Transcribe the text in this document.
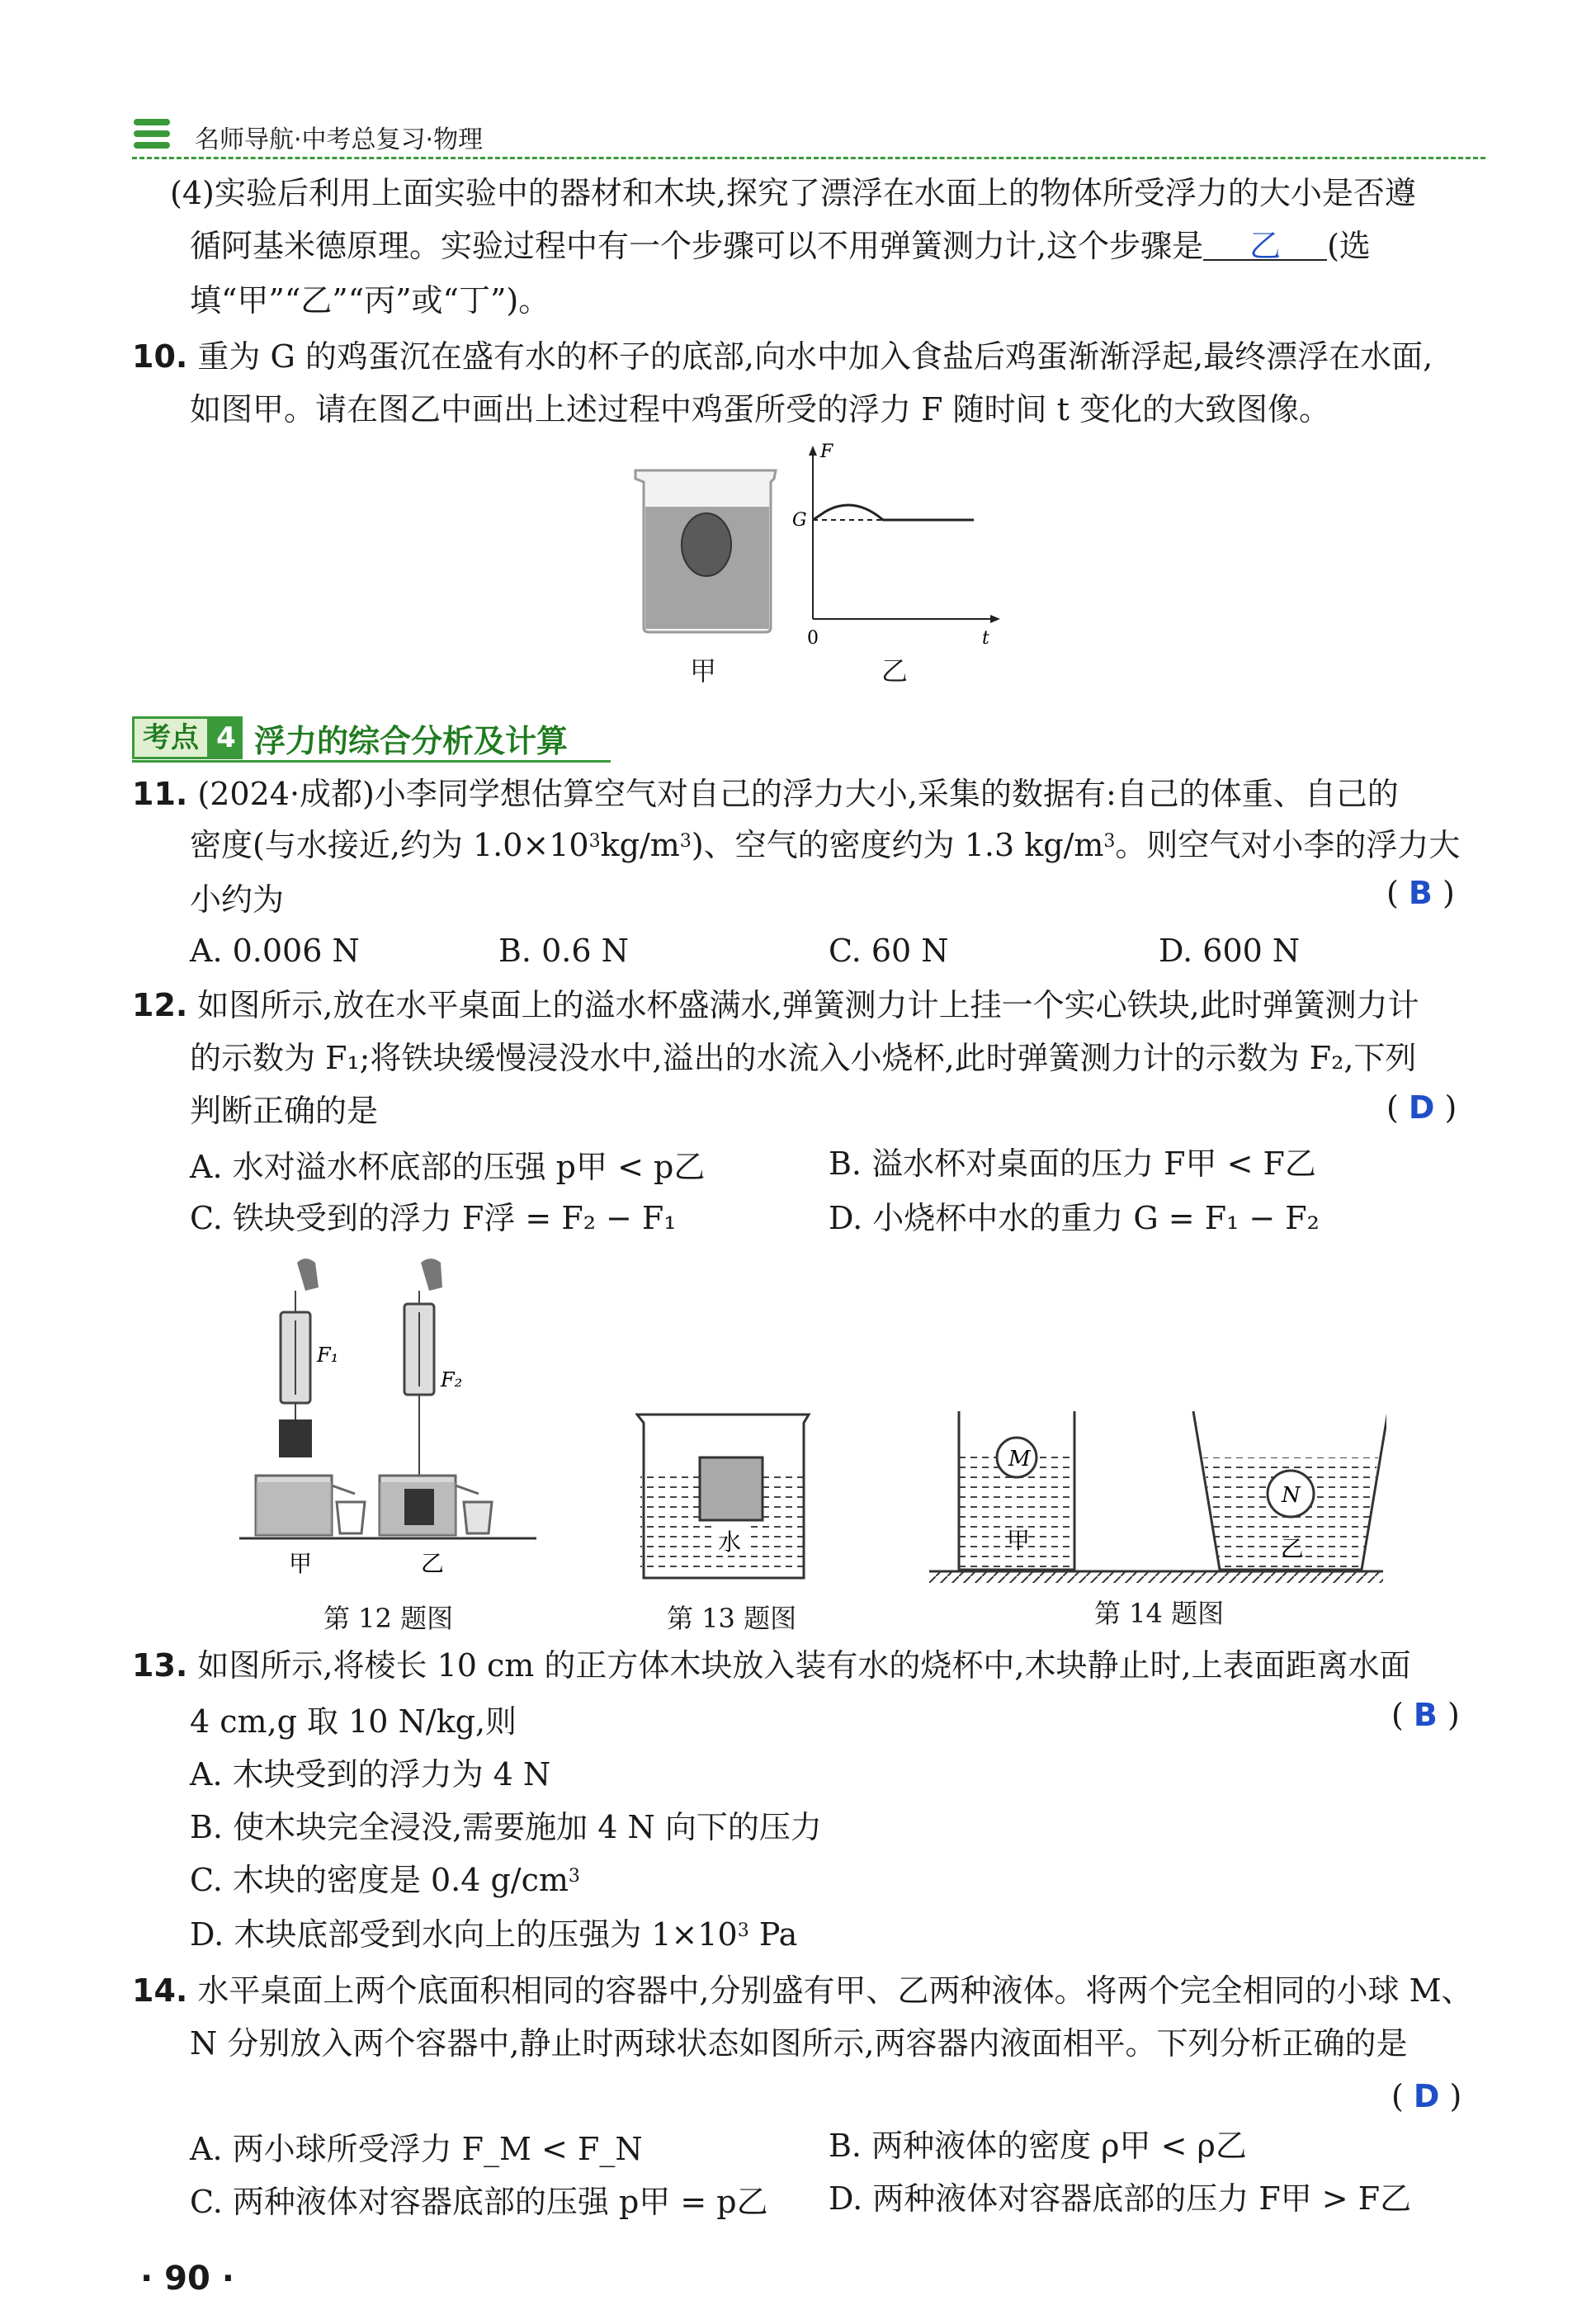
名师导航·中考总复习·物理
(4)实验后利用上面实验中的器材和木块,探究了漂浮在水面上的物体所受浮力的大小是否遵
循阿基米德原理。实验过程中有一个步骤可以不用弹簧测力计,这个步骤是 乙 (选
填“甲”“乙”“丙”或“丁”)。
10. 重为 G 的鸡蛋沉在盛有水的杯子的底部,向水中加入食盐后鸡蛋渐渐浮起,最终漂浮在水面,
如图甲。请在图乙中画出上述过程中鸡蛋所受的浮力 F 随时间 t 变化的大致图像。
F
G
0	t
甲	乙
考点 4 浮力的综合分析及计算
11. (2024·成都)小李同学想估算空气对自己的浮力大小,采集的数据有:自己的体重、自己的
密度(与水接近,约为 $1.0\times 10^3kg/m^3$)、空气的密度约为 1.3 $kg/m^3$。则空气对小李的浮力大
小约为	( B )
A. 0.006 N	B. 0.6 N	C. 60 N	D. 600 N
12. 如图所示,放在水平桌面上的溢水杯盛满水,弹簧测力计上挂一个实心铁块,此时弹簧测力计
的示数为 F₁;将铁块缓慢浸没水中,溢出的水流入小烧杯,此时弹簧测力计的示数为 F₂,下列
判断正确的是	( D )
A. 水对溢水杯底部的压强 p甲 < p乙	B. 溢水杯对桌面的压力 F甲 < F乙
C. 铁块受到的浮力 F浮 = F₂ − F₁	D. 小烧杯中水的重力 G = F₁ − F₂
F₁
F₂
甲	乙
第 12 题图
水
第 13 题图
M
N
甲	乙
第 14 题图
13. 如图所示,将棱长 10 cm 的正方体木块放入装有水的烧杯中,木块静止时,上表面距离水面
4 cm,g 取 10 N/kg,则	( B )
A. 木块受到的浮力为 4 N
B. 使木块完全浸没,需要施加 4 N 向下的压力
C. 木块的密度是 0.4 $g/cm^3$
D. 木块底部受到水向上的压强为 $1\times 10^3$ Pa
14. 水平桌面上两个底面积相同的容器中,分别盛有甲、乙两种液体。将两个完全相同的小球 M、
N 分别放入两个容器中,静止时两球状态如图所示,两容器内液面相平。下列分析正确的是
( D )
A. 两小球所受浮力 F_M < F_N	B. 两种液体的密度 ρ甲 < ρ乙
C. 两种液体对容器底部的压强 p甲 = p乙 D. 两种液体对容器底部的压力 F甲 > F乙
· 90 ·
